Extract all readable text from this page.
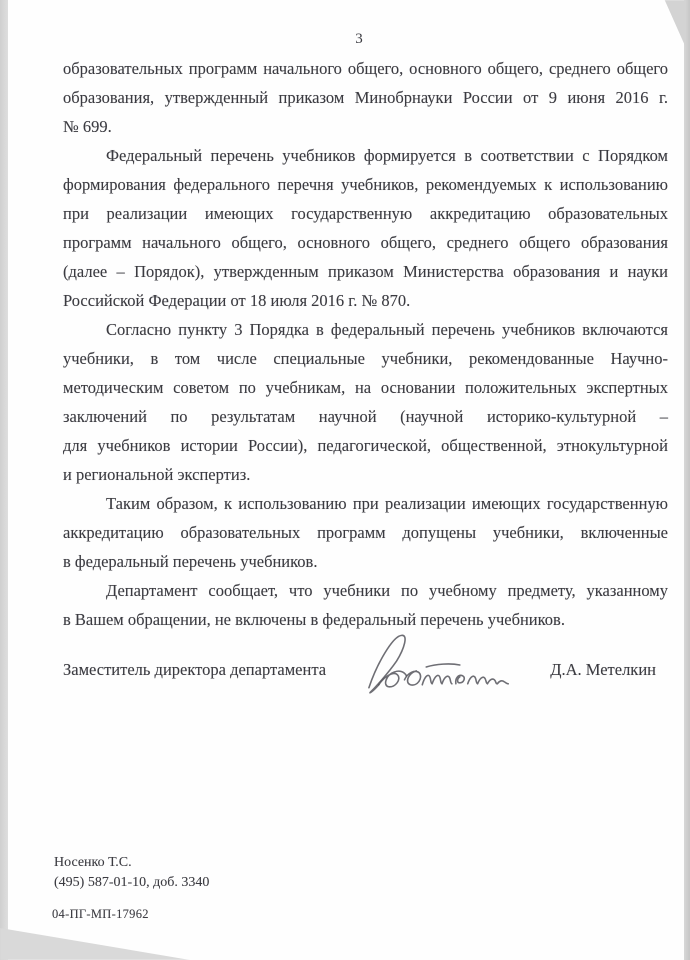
3
образовательных программ начального общего, основного общего, среднего общего
образования, утвержденный приказом Минобрнауки России от 9 июня 2016 г.
№ 699.
Федеральный перечень учебников формируется в соответствии с Порядком
формирования федерального перечня учебников, рекомендуемых к использованию
при реализации имеющих государственную аккредитацию образовательных
программ начального общего, основного общего, среднего общего образования
(далее – Порядок), утвержденным приказом Министерства образования и науки
Российской Федерации от 18 июля 2016 г. № 870.
Согласно пункту 3 Порядка в федеральный перечень учебников включаются
учебники, в том числе специальные учебники, рекомендованные Научно-
методическим советом по учебникам, на основании положительных экспертных
заключений по результатам научной (научной историко-культурной –
для учебников истории России), педагогической, общественной, этнокультурной
и региональной экспертиз.
Таким образом, к использованию при реализации имеющих государственную
аккредитацию образовательных программ допущены учебники, включенные
в федеральный перечень учебников.
Департамент сообщает, что учебники по учебному предмету, указанному
в Вашем обращении, не включены в федеральный перечень учебников.
Заместитель директора департамента	Д.А. Метелкин
Носенко Т.С.
(495) 587-01-10, доб. 3340
04-ПГ-МП-17962
